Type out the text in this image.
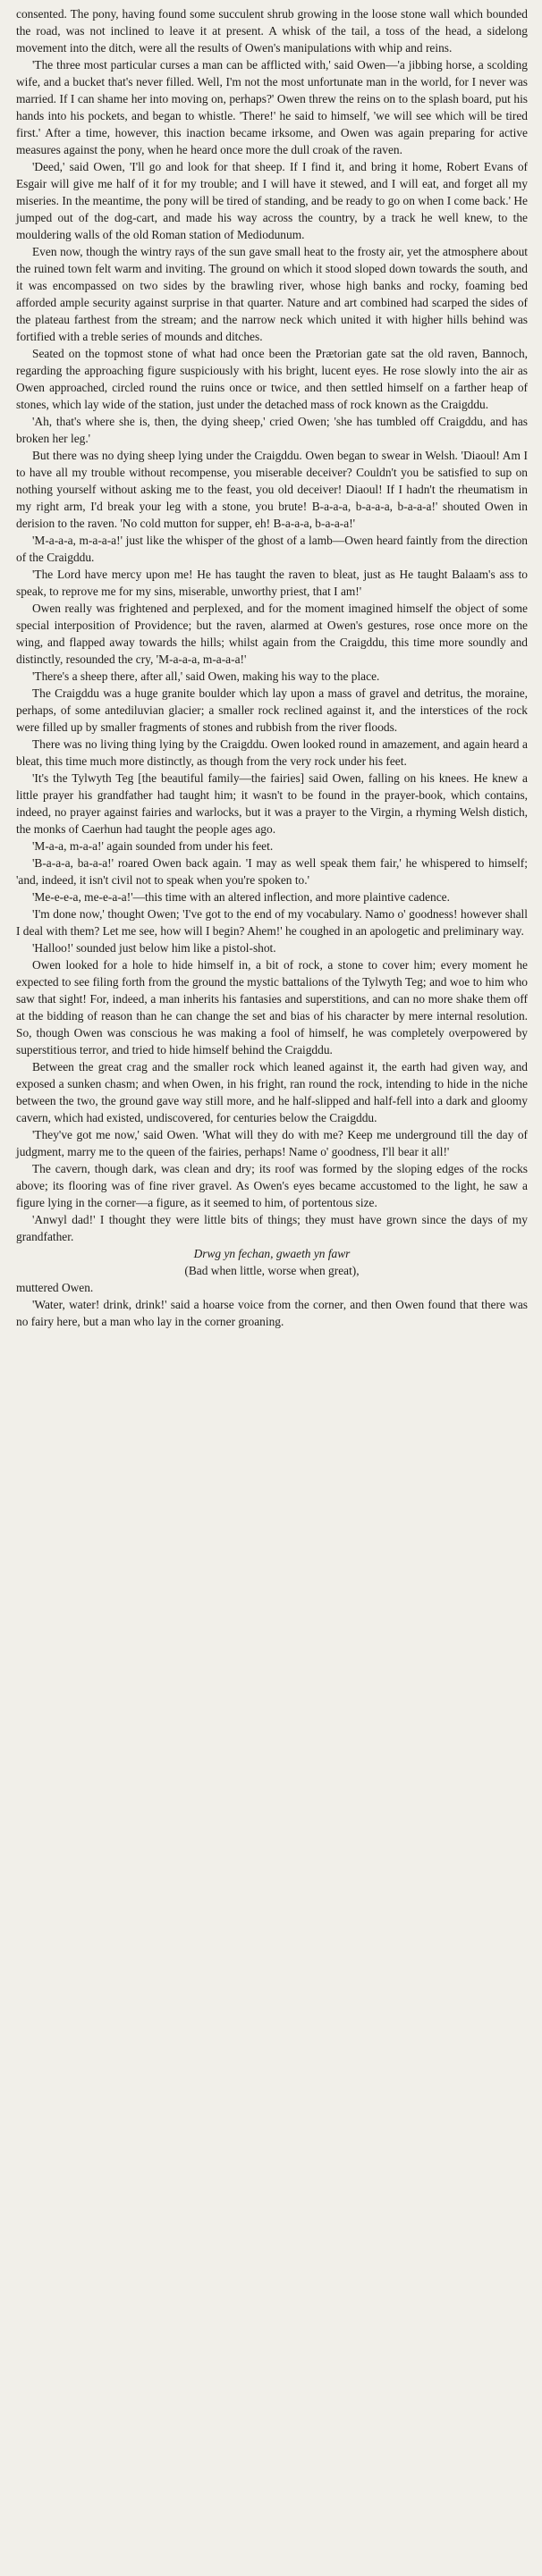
consented. The pony, having found some succulent shrub growing in the loose stone wall which bounded the road, was not inclined to leave it at present. A whisk of the tail, a toss of the head, a sidelong movement into the ditch, were all the results of Owen's manipulations with whip and reins.

'The three most particular curses a man can be afflicted with,' said Owen—'a jibbing horse, a scolding wife, and a bucket that's never filled. Well, I'm not the most unfortunate man in the world, for I never was married. If I can shame her into moving on, perhaps?' Owen threw the reins on to the splash board, put his hands into his pockets, and began to whistle. 'There!' he said to himself, 'we will see which will be tired first.' After a time, however, this inaction became irksome, and Owen was again preparing for active measures against the pony, when he heard once more the dull croak of the raven.

'Deed,' said Owen, 'I'll go and look for that sheep. If I find it, and bring it home, Robert Evans of Esgair will give me half of it for my trouble; and I will have it stewed, and I will eat, and forget all my miseries. In the meantime, the pony will be tired of standing, and be ready to go on when I come back.' He jumped out of the dog-cart, and made his way across the country, by a track he well knew, to the mouldering walls of the old Roman station of Mediodunum.

Even now, though the wintry rays of the sun gave small heat to the frosty air, yet the atmosphere about the ruined town felt warm and inviting. The ground on which it stood sloped down towards the south, and it was encompassed on two sides by the brawling river, whose high banks and rocky, foaming bed afforded ample security against surprise in that quarter. Nature and art combined had scarped the sides of the plateau farthest from the stream; and the narrow neck which united it with higher hills behind was fortified with a treble series of mounds and ditches.

Seated on the topmost stone of what had once been the Prætorian gate sat the old raven, Bannoch, regarding the approaching figure suspiciously with his bright, lucent eyes. He rose slowly into the air as Owen approached, circled round the ruins once or twice, and then settled himself on a farther heap of stones, which lay wide of the station, just under the detached mass of rock known as the Craigddu.

'Ah, that's where she is, then, the dying sheep,' cried Owen; 'she has tumbled off Craigddu, and has broken her leg.'

But there was no dying sheep lying under the Craigddu. Owen began to swear in Welsh. 'Diaoul! Am I to have all my trouble without recompense, you miserable deceiver? Couldn't you be satisfied to sup on nothing yourself without asking me to the feast, you old deceiver! Diaoul! If I hadn't the rheumatism in my right arm, I'd break your leg with a stone, you brute! B-a-a-a, b-a-a-a, b-a-a-a!' shouted Owen in derision to the raven. 'No cold mutton for supper, eh! B-a-a-a, b-a-a-a!'

'M-a-a-a, m-a-a-a!' just like the whisper of the ghost of a lamb—Owen heard faintly from the direction of the Craigddu.

'The Lord have mercy upon me! He has taught the raven to bleat, just as He taught Balaam's ass to speak, to reprove me for my sins, miserable, unworthy priest, that I am!'

Owen really was frightened and perplexed, and for the moment imagined himself the object of some special interposition of Providence; but the raven, alarmed at Owen's gestures, rose once more on the wing, and flapped away towards the hills; whilst again from the Craigddu, this time more soundly and distinctly, resounded the cry, 'M-a-a-a, m-a-a-a!'

'There's a sheep there, after all,' said Owen, making his way to the place.

The Craigddu was a huge granite boulder which lay upon a mass of gravel and detritus, the moraine, perhaps, of some antediluvian glacier; a smaller rock reclined against it, and the interstices of the rock were filled up by smaller fragments of stones and rubbish from the river floods.

There was no living thing lying by the Craigddu. Owen looked round in amazement, and again heard a bleat, this time much more distinctly, as though from the very rock under his feet.

'It's the Tylwyth Teg [the beautiful family—the fairies] said Owen, falling on his knees. He knew a little prayer his grandfather had taught him; it wasn't to be found in the prayer-book, which contains, indeed, no prayer against fairies and warlocks, but it was a prayer to the Virgin, a rhyming Welsh distich, the monks of Caerhun had taught the people ages ago.

'M-a-a, m-a-a!' again sounded from under his feet.

'B-a-a-a, ba-a-a!' roared Owen back again. 'I may as well speak them fair,' he whispered to himself; 'and, indeed, it isn't civil not to speak when you're spoken to.'

'Me-e-e-a, me-e-a-a!'—this time with an altered inflection, and more plaintive cadence.

'I'm done now,' thought Owen; 'I've got to the end of my vocabulary. Namo o' goodness! however shall I deal with them? Let me see, how will I begin? Ahem!' he coughed in an apologetic and preliminary way.

'Halloo!' sounded just below him like a pistol-shot.

Owen looked for a hole to hide himself in, a bit of rock, a stone to cover him; every moment he expected to see filing forth from the ground the mystic battalions of the Tylwyth Teg; and woe to him who saw that sight! For, indeed, a man inherits his fantasies and superstitions, and can no more shake them off at the bidding of reason than he can change the set and bias of his character by mere internal resolution. So, though Owen was conscious he was making a fool of himself, he was completely overpowered by superstitious terror, and tried to hide himself behind the Craigddu.

Between the great crag and the smaller rock which leaned against it, the earth had given way, and exposed a sunken chasm; and when Owen, in his fright, ran round the rock, intending to hide in the niche between the two, the ground gave way still more, and he half-slipped and half-fell into a dark and gloomy cavern, which had existed, undiscovered, for centuries below the Craigddu.

'They've got me now,' said Owen. 'What will they do with me? Keep me underground till the day of judgment, marry me to the queen of the fairies, perhaps! Name o' goodness, I'll bear it all!'

The cavern, though dark, was clean and dry; its roof was formed by the sloping edges of the rocks above; its flooring was of fine river gravel. As Owen's eyes became accustomed to the light, he saw a figure lying in the corner—a figure, as it seemed to him, of portentous size.

'Anwyl dad!' I thought they were little bits of things; they must have grown since the days of my grandfather.

Drwg yn fechan, gwaeth yn fawr

(Bad when little, worse when great),

muttered Owen.

'Water, water! drink, drink!' said a hoarse voice from the corner, and then Owen found that there was no fairy here, but a man who lay in the corner groaning.
